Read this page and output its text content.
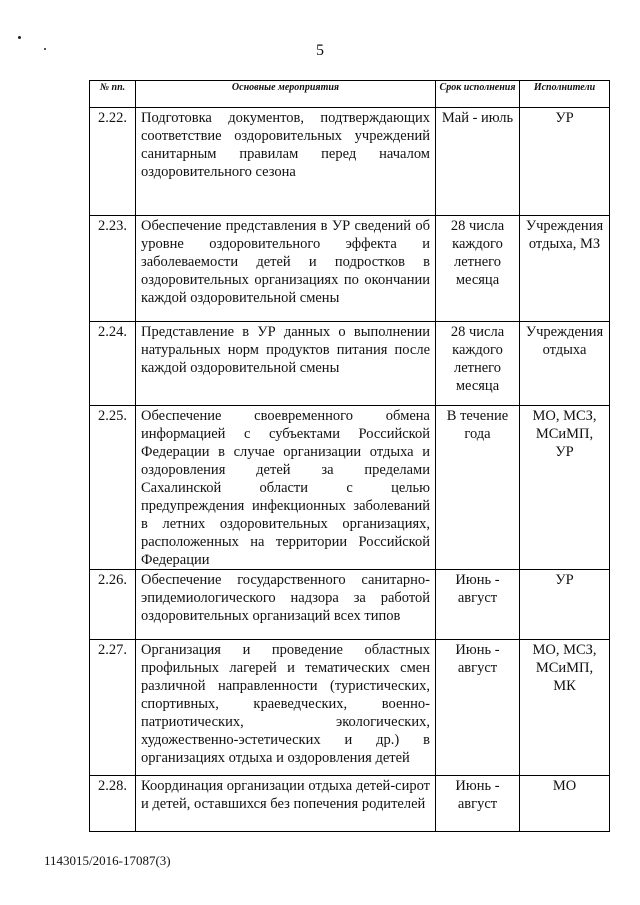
5
№ пп.	Основные мероприятия	Срок исполнения	Исполнители
2.22.	Подготовка документов, подтверждающих соответствие оздоровительных учреждений санитарным правилам перед началом оздоровительного сезона	Май - июль	УР
2.23.	Обеспечение представления в УР сведений об уровне оздоровительного эффекта и заболеваемости детей и подростков в оздоровительных организациях по окончании каждой оздоровительной смены	28 числа каждого летнего месяца	Учреждения отдыха, МЗ
2.24.	Представление в УР данных о выполнении натуральных норм продуктов питания после каждой оздоровительной смены	28 числа каждого летнего месяца	Учреждения отдыха
2.25.	Обеспечение своевременного обмена информацией с субъектами Российской Федерации в случае организации отдыха и оздоровления детей за пределами Сахалинской области с целью предупреждения инфекционных заболеваний в летних оздоровительных организациях, расположенных на территории Российской Федерации	В течение года	МО, МСЗ, МСиМП, УР
2.26.	Обеспечение государственного санитарно-эпидемиологического надзора за работой оздоровительных организаций всех типов	Июнь - август	УР
2.27.	Организация и проведение областных профильных лагерей и тематических смен различной направленности (туристических, спортивных, краеведческих, военно-патриотических, экологических, художественно-эстетических и др.) в организациях отдыха и оздоровления детей	Июнь - август	МО, МСЗ, МСиМП, МК
2.28.	Координация организации отдыха детей-сирот и детей, оставшихся без попечения родителей	Июнь - август	МО
1143015/2016-17087(3)
